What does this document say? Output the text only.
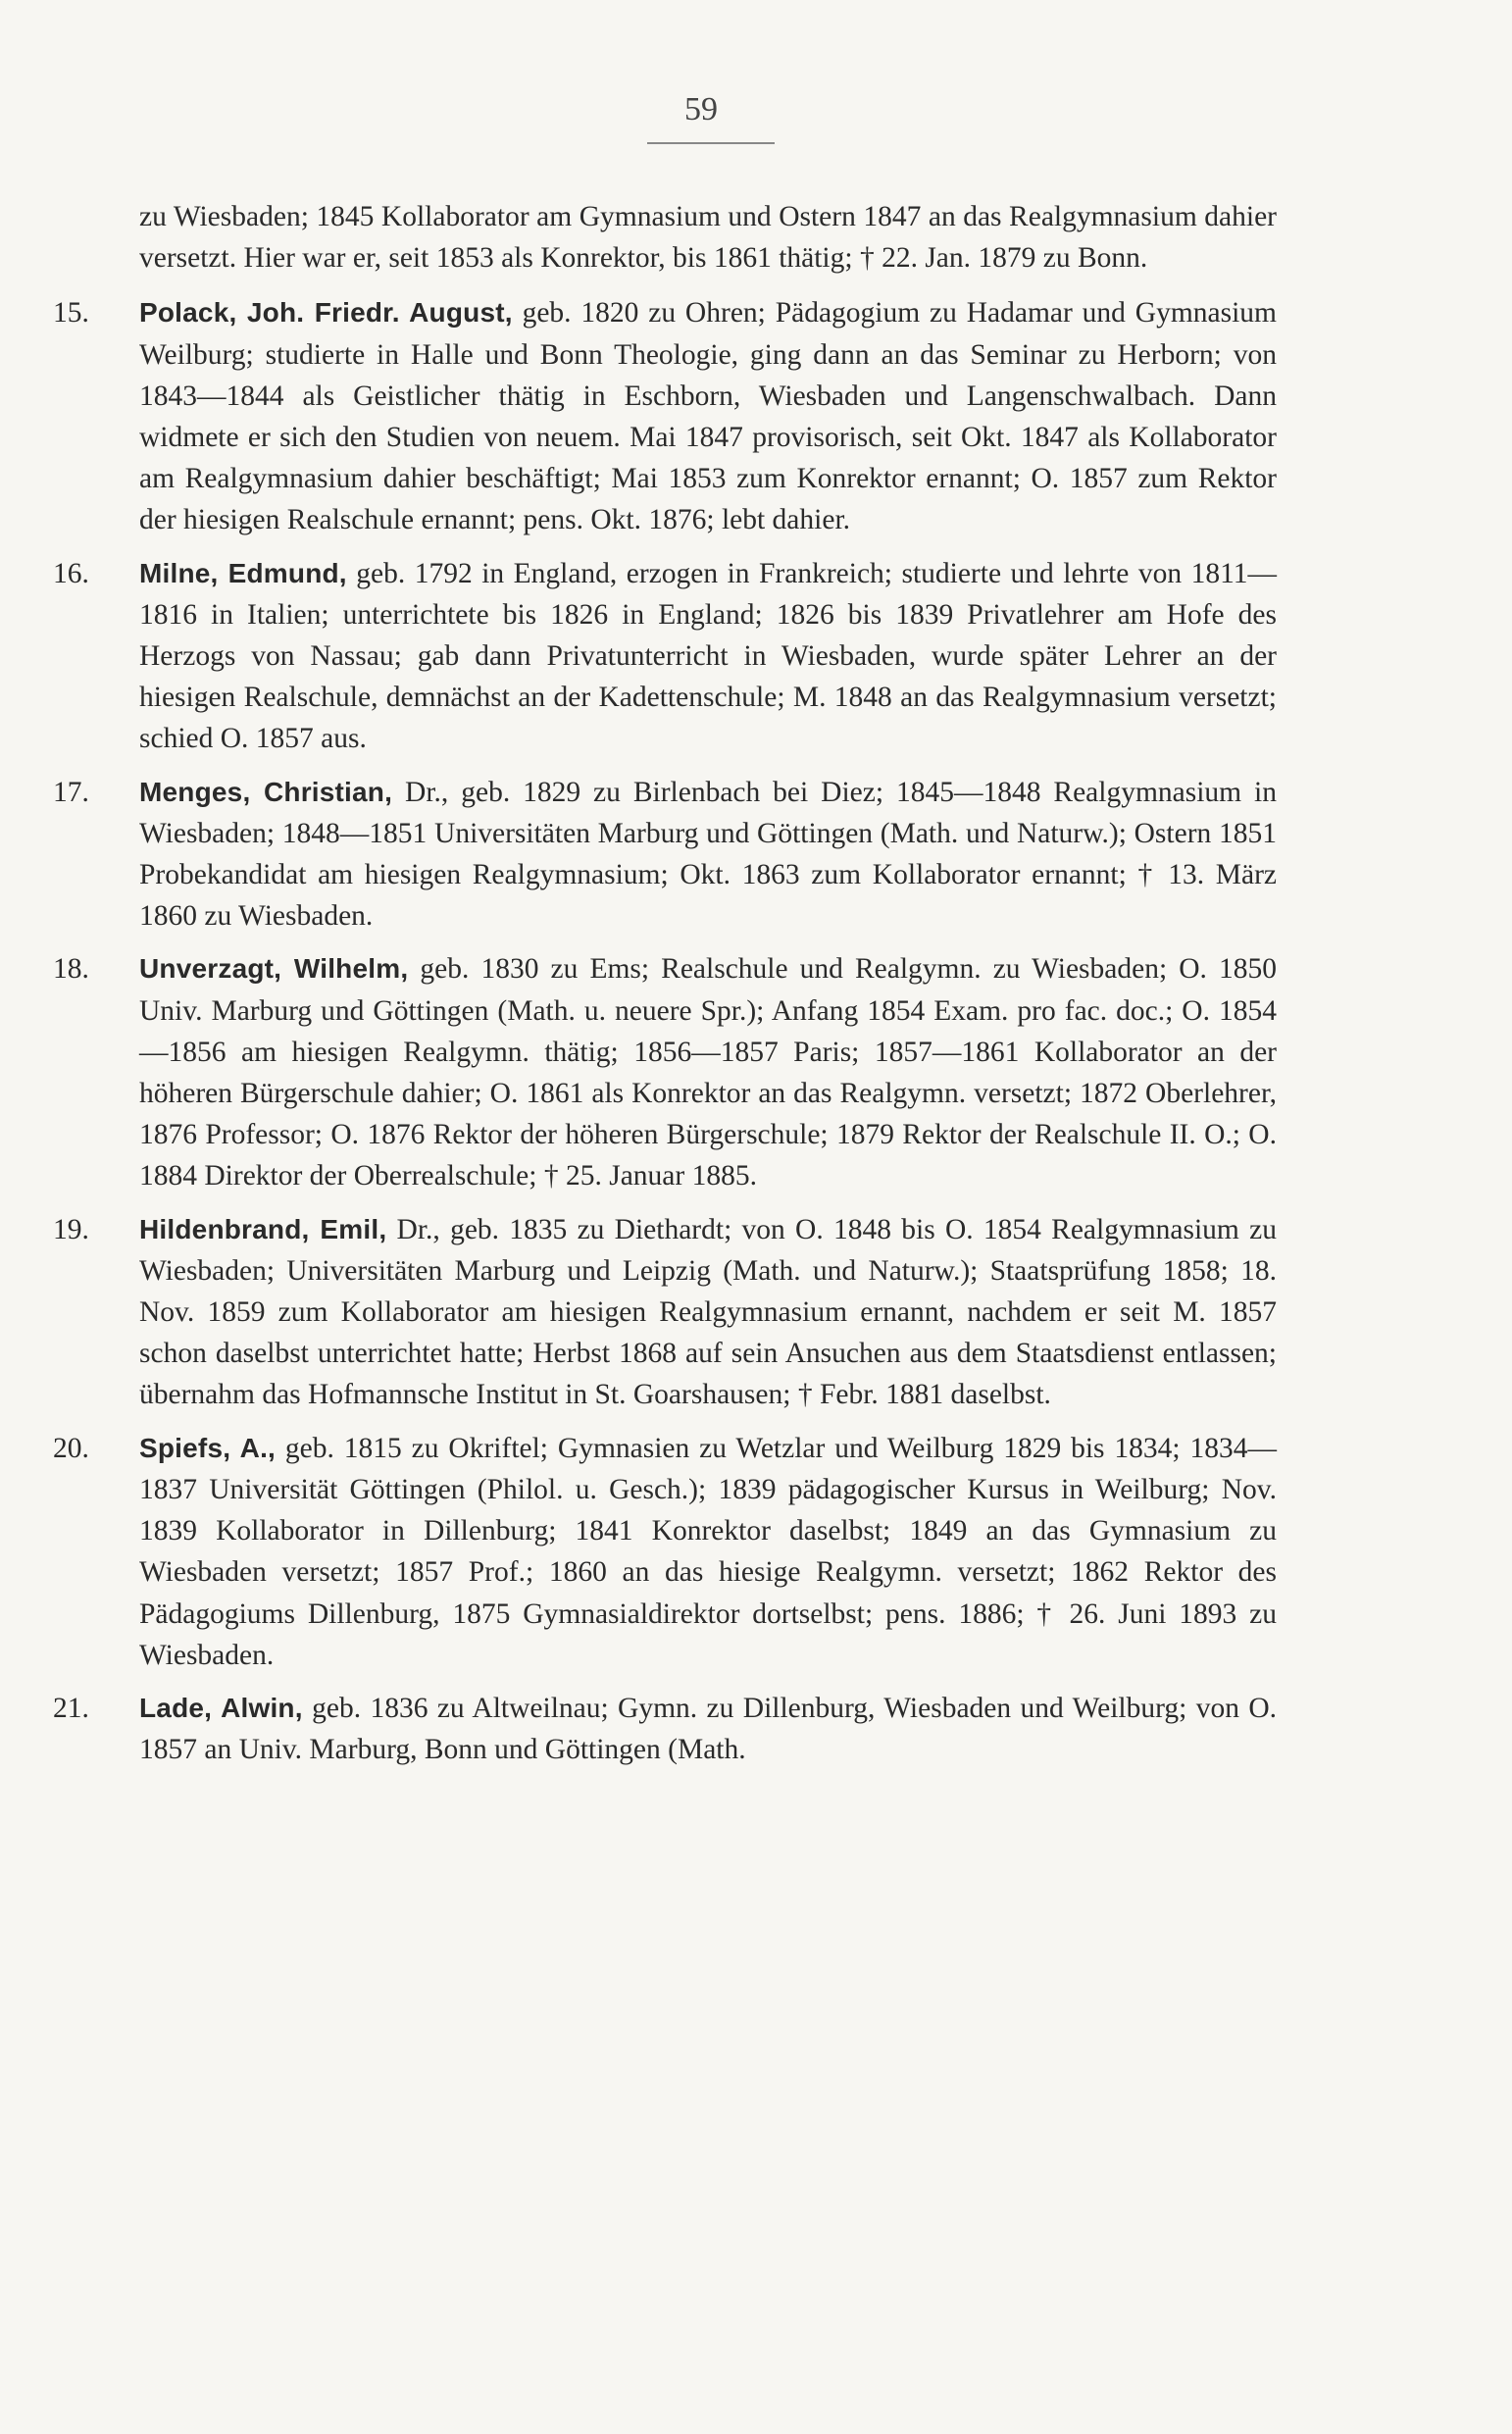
59
zu Wiesbaden; 1845 Kollaborator am Gymnasium und Ostern 1847 an das Realgymnasium dahier versetzt. Hier war er, seit 1853 als Konrektor, bis 1861 thätig; † 22. Jan. 1879 zu Bonn.
15.	Polack, Joh. Friedr. August, geb. 1820 zu Ohren; Pädagogium zu Hadamar und Gymnasium Weilburg; studierte in Halle und Bonn Theologie, ging dann an das Seminar zu Herborn; von 1843—1844 als Geistlicher thätig in Eschborn, Wiesbaden und Langenschwalbach. Dann widmete er sich den Studien von neuem. Mai 1847 provisorisch, seit Okt. 1847 als Kollaborator am Realgymnasium dahier beschäftigt; Mai 1853 zum Konrektor ernannt; O. 1857 zum Rektor der hiesigen Realschule ernannt; pens. Okt. 1876; lebt dahier.
16.	Milne, Edmund, geb. 1792 in England, erzogen in Frankreich; studierte und lehrte von 1811—1816 in Italien; unterrichtete bis 1826 in England; 1826 bis 1839 Privatlehrer am Hofe des Herzogs von Nassau; gab dann Privatunterricht in Wiesbaden, wurde später Lehrer an der hiesigen Realschule, demnächst an der Kadettenschule; M. 1848 an das Realgymnasium versetzt; schied O. 1857 aus.
17.	Menges, Christian, Dr., geb. 1829 zu Birlenbach bei Diez; 1845—1848 Realgymnasium in Wiesbaden; 1848—1851 Universitäten Marburg und Göttingen (Math. und Naturw.); Ostern 1851 Probekandidat am hiesigen Realgymnasium; Okt. 1863 zum Kollaborator ernannt; † 13. März 1860 zu Wiesbaden.
18.	Unverzagt, Wilhelm, geb. 1830 zu Ems; Realschule und Realgymn. zu Wiesbaden; O. 1850 Univ. Marburg und Göttingen (Math. u. neuere Spr.); Anfang 1854 Exam. pro fac. doc.; O. 1854—1856 am hiesigen Realgymn. thätig; 1856—1857 Paris; 1857—1861 Kollaborator an der höheren Bürgerschule dahier; O. 1861 als Konrektor an das Realgymn. versetzt; 1872 Oberlehrer, 1876 Professor; O. 1876 Rektor der höheren Bürgerschule; 1879 Rektor der Realschule II. O.; O. 1884 Direktor der Oberrealschule; † 25. Januar 1885.
19.	Hildenbrand, Emil, Dr., geb. 1835 zu Diethardt; von O. 1848 bis O. 1854 Realgymnasium zu Wiesbaden; Universitäten Marburg und Leipzig (Math. und Naturw.); Staatsprüfung 1858; 18. Nov. 1859 zum Kollaborator am hiesigen Realgymnasium ernannt, nachdem er seit M. 1857 schon daselbst unterrichtet hatte; Herbst 1868 auf sein Ansuchen aus dem Staatsdienst entlassen; übernahm das Hofmannsche Institut in St. Goarshausen; † Febr. 1881 daselbst.
20.	Spiefs, A., geb. 1815 zu Okriftel; Gymnasien zu Wetzlar und Weilburg 1829 bis 1834; 1834—1837 Universität Göttingen (Philol. u. Gesch.); 1839 pädagogischer Kursus in Weilburg; Nov. 1839 Kollaborator in Dillenburg; 1841 Konrektor daselbst; 1849 an das Gymnasium zu Wiesbaden versetzt; 1857 Prof.; 1860 an das hiesige Realgymn. versetzt; 1862 Rektor des Pädagogiums Dillenburg, 1875 Gymnasialdirektor dortselbst; pens. 1886; † 26. Juni 1893 zu Wiesbaden.
21.	Lade, Alwin, geb. 1836 zu Altweilnau; Gymn. zu Dillenburg, Wiesbaden und Weilburg; von O. 1857 an Univ. Marburg, Bonn und Göttingen (Math.
